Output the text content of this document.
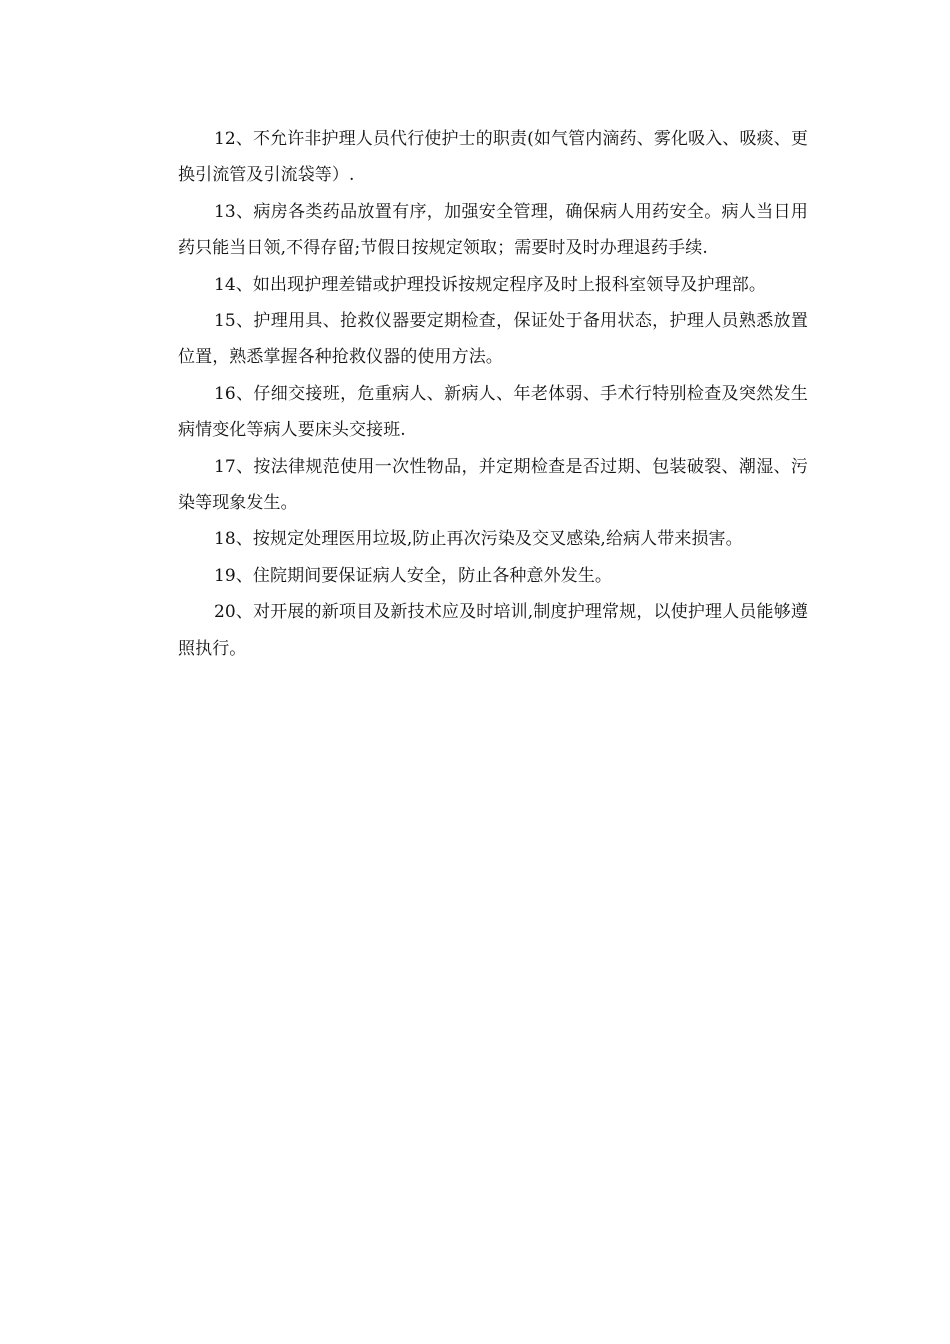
12、不允许非护理人员代行使护士的职责(如气管内滴药、雾化吸入、吸痰、更换引流管及引流袋等）.

13、病房各类药品放置有序，加强安全管理，确保病人用药安全。病人当日用药只能当日领,不得存留;节假日按规定领取；需要时及时办理退药手续.

14、如出现护理差错或护理投诉按规定程序及时上报科室领导及护理部。

15、护理用具、抢救仪器要定期检查，保证处于备用状态，护理人员熟悉放置位置，熟悉掌握各种抢救仪器的使用方法。

16、仔细交接班，危重病人、新病人、年老体弱、手术行特别检查及突然发生病情变化等病人要床头交接班.

17、按法律规范使用一次性物品，并定期检查是否过期、包装破裂、潮湿、污染等现象发生。

18、按规定处理医用垃圾,防止再次污染及交叉感染,给病人带来损害。

19、住院期间要保证病人安全，防止各种意外发生。

20、对开展的新项目及新技术应及时培训,制度护理常规，以使护理人员能够遵照执行。
